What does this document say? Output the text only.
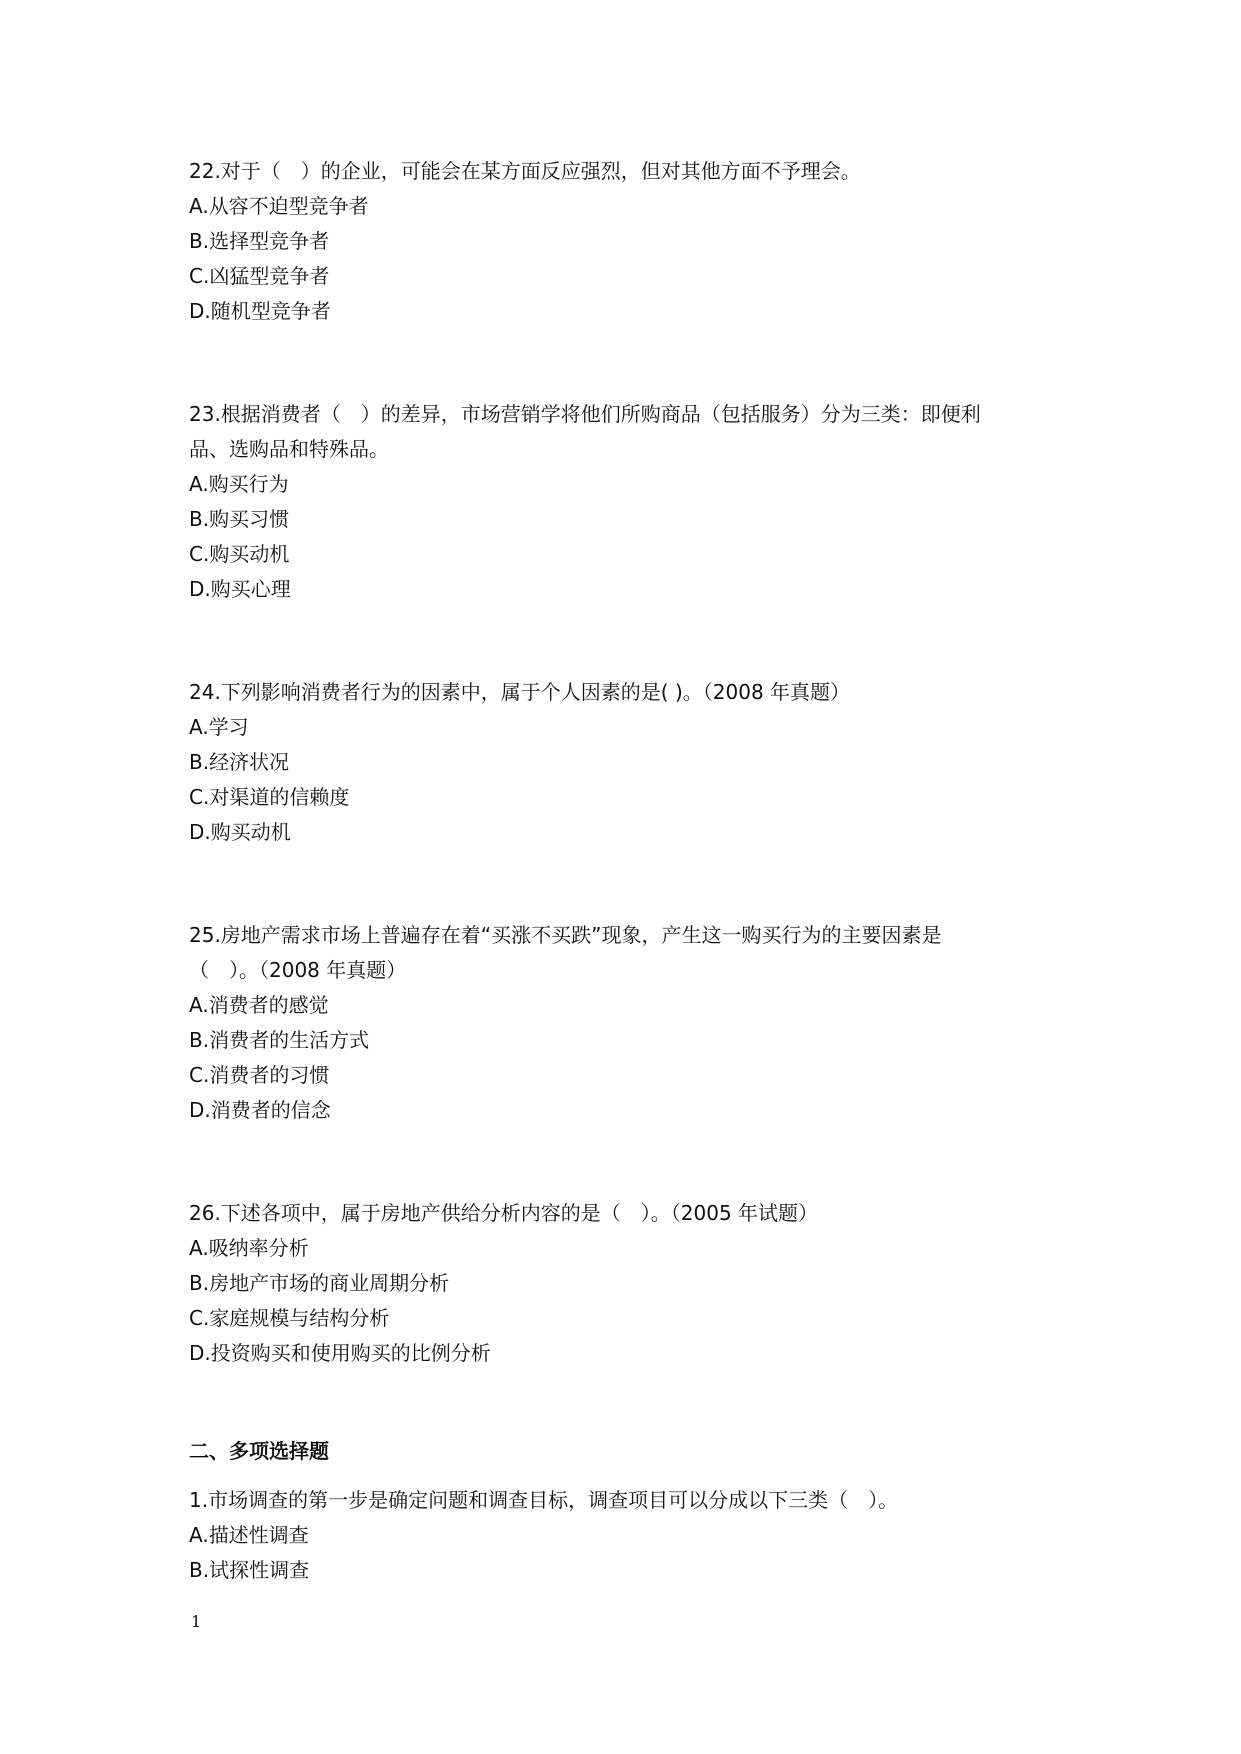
22.对于（　）的企业，可能会在某方面反应强烈，但对其他方面不予理会。

A.从容不迫型竞争者

B.选择型竞争者

C.凶猛型竞争者

D.随机型竞争者

23.根据消费者（　）的差异，市场营销学将他们所购商品（包括服务）分为三类：即便利

品、选购品和特殊品。

A.购买行为

B.购买习惯

C.购买动机

D.购买心理

24.下列影响消费者行为的因素中，属于个人因素的是( )。（2008 年真题）

A.学习

B.经济状况

C.对渠道的信赖度

D.购买动机

25.房地产需求市场上普遍存在着“买涨不买跌”现象，产生这一购买行为的主要因素是

（　）。（2008 年真题）

A.消费者的感觉

B.消费者的生活方式

C.消费者的习惯

D.消费者的信念

26.下述各项中，属于房地产供给分析内容的是（　）。（2005 年试题）

A.吸纳率分析

B.房地产市场的商业周期分析

C.家庭规模与结构分析

D.投资购买和使用购买的比例分析

二、多项选择题

1.市场调查的第一步是确定问题和调查目标，调查项目可以分成以下三类（　）。

A.描述性调查

B.试探性调查

1
